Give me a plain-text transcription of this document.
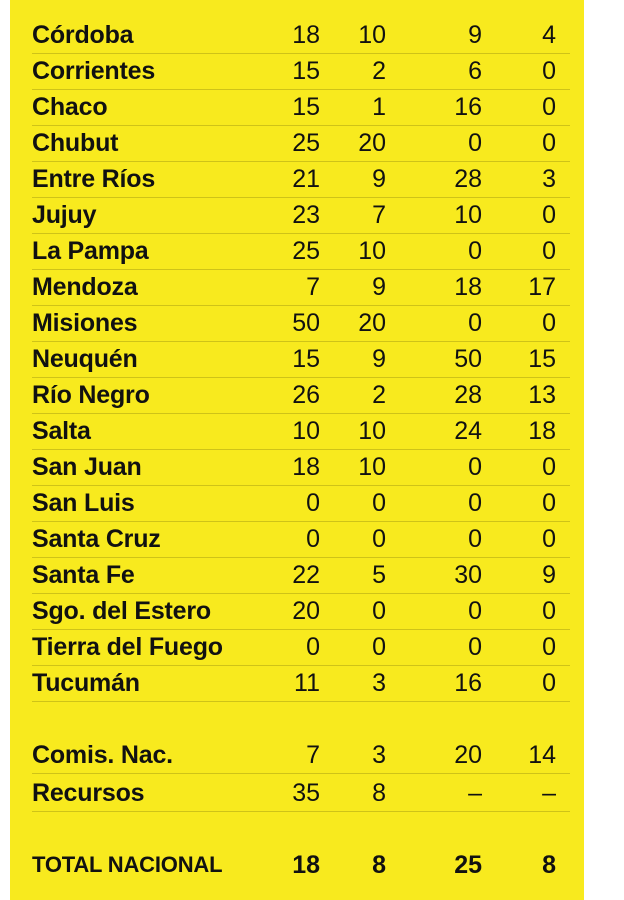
Córdoba	18	10	9	4
Corrientes	15	2	6	0
Chaco	15	1	16	0
Chubut	25	20	0	0
Entre Ríos	21	9	28	3
Jujuy	23	7	10	0
La Pampa	25	10	0	0
Mendoza	7	9	18	17
Misiones	50	20	0	0
Neuquén	15	9	50	15
Río Negro	26	2	28	13
Salta	10	10	24	18
San Juan	18	10	0	0
San Luis	0	0	0	0
Santa Cruz	0	0	0	0
Santa Fe	22	5	30	9
Sgo. del Estero	20	0	0	0
Tierra del Fuego	0	0	0	0
Tucumán	11	3	16	0
Comis. Nac.	7	3	20	14
Recursos	35	8	–	–
TOTAL NACIONAL	18	8	25	8
